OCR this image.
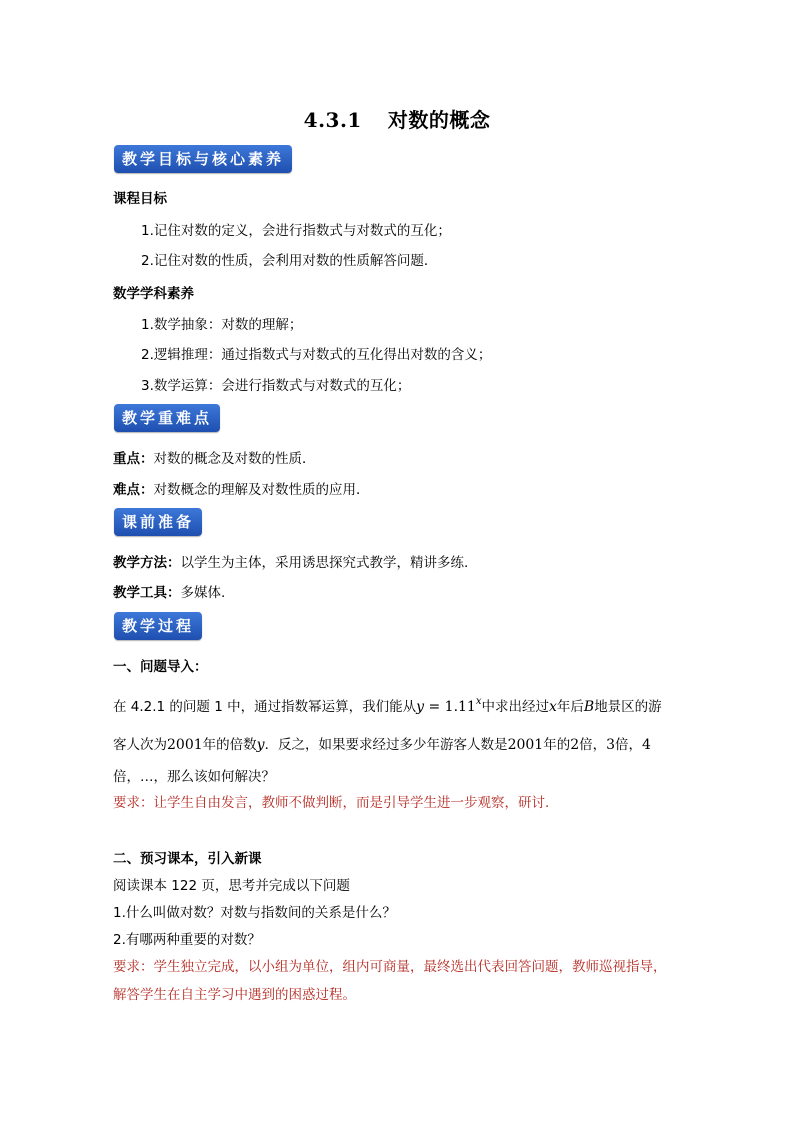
4.3.1 对数的概念
教学目标与核心素养
课程目标
1.记住对数的定义，会进行指数式与对数式的互化；
2.记住对数的性质，会利用对数的性质解答问题．
数学学科素养
1.数学抽象：对数的理解；
2.逻辑推理：通过指数式与对数式的互化得出对数的含义；
3.数学运算：会进行指数式与对数式的互化；
教学重难点
重点：对数的概念及对数的性质．
难点：对数概念的理解及对数性质的应用．
课前准备
教学方法：以学生为主体，采用诱思探究式教学，精讲多练.
教学工具：多媒体.
教学过程
一、问题导入：
在 4.2.1 的问题 1 中，通过指数幂运算，我们能从$y = 1.11^x$中求出经过x年后B地景区的游
客人次为2001年的倍数y．反之，如果要求经过多少年游客人数是2001年的2倍，3倍，4
倍，…，那么该如何解决？
要求：让学生自由发言，教师不做判断，而是引导学生进一步观察，研讨.
二、预习课本，引入新课
阅读课本 122 页，思考并完成以下问题
1.什么叫做对数？对数与指数间的关系是什么？
2.有哪两种重要的对数？
要求：学生独立完成，以小组为单位，组内可商量，最终选出代表回答问题，教师巡视指导，
解答学生在自主学习中遇到的困惑过程。
